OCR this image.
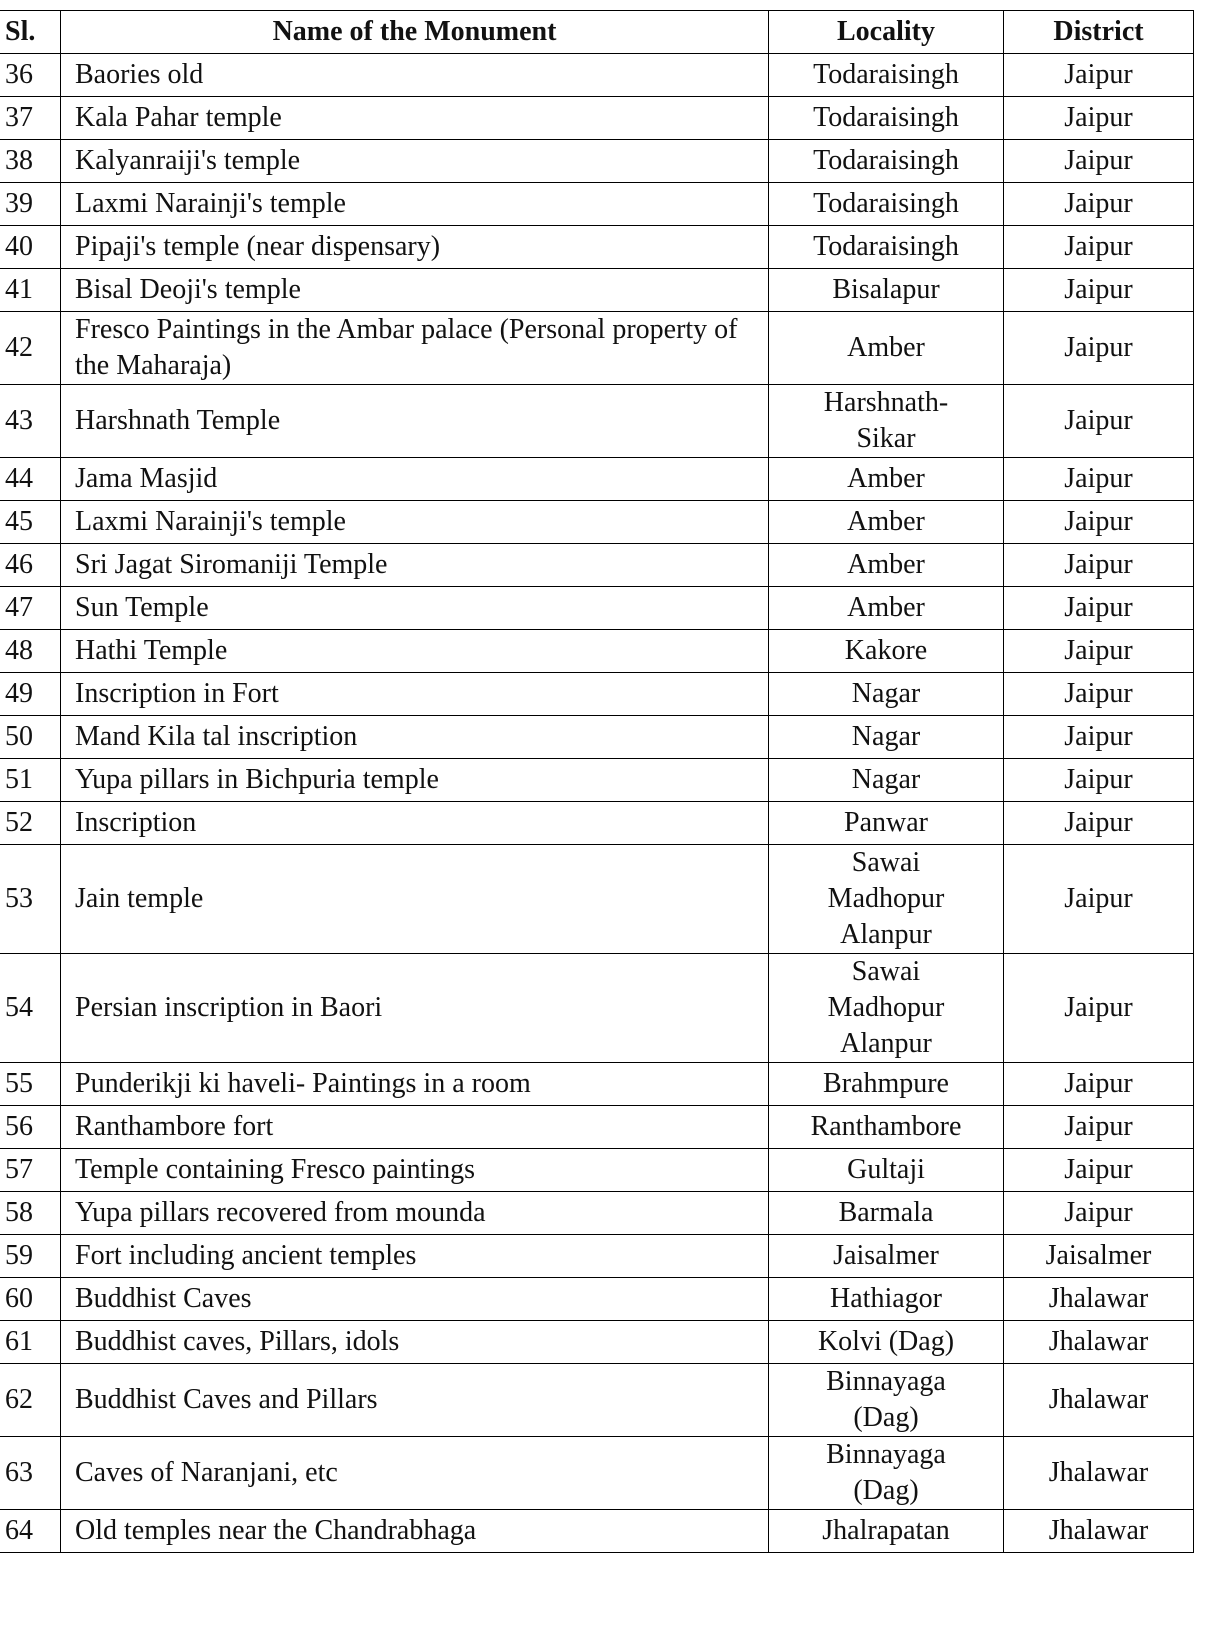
Sl.	Name of the Monument	Locality	District
36	Baories old	Todaraisingh	Jaipur
37	Kala Pahar temple	Todaraisingh	Jaipur
38	Kalyanraiji's temple	Todaraisingh	Jaipur
39	Laxmi Narainji's temple	Todaraisingh	Jaipur
40	Pipaji's temple (near dispensary)	Todaraisingh	Jaipur
41	Bisal Deoji's temple	Bisalapur	Jaipur
42	Fresco Paintings in the Ambar palace (Personal property of the Maharaja)	Amber	Jaipur
43	Harshnath Temple	Harshnath-Sikar	Jaipur
44	Jama Masjid	Amber	Jaipur
45	Laxmi Narainji's temple	Amber	Jaipur
46	Sri Jagat Siromaniji Temple	Amber	Jaipur
47	Sun Temple	Amber	Jaipur
48	Hathi Temple	Kakore	Jaipur
49	Inscription in Fort	Nagar	Jaipur
50	Mand Kila tal inscription	Nagar	Jaipur
51	Yupa pillars in Bichpuria temple	Nagar	Jaipur
52	Inscription	Panwar	Jaipur
53	Jain temple	Sawai Madhopur Alanpur	Jaipur
54	Persian inscription in Baori	Sawai Madhopur Alanpur	Jaipur
55	Punderikji ki haveli- Paintings in a room	Brahmpure	Jaipur
56	Ranthambore fort	Ranthambore	Jaipur
57	Temple containing Fresco paintings	Gultaji	Jaipur
58	Yupa pillars recovered from mounda	Barmala	Jaipur
59	Fort including ancient temples	Jaisalmer	Jaisalmer
60	Buddhist Caves	Hathiagor	Jhalawar
61	Buddhist caves, Pillars, idols	Kolvi (Dag)	Jhalawar
62	Buddhist Caves and Pillars	Binnayaga (Dag)	Jhalawar
63	Caves of Naranjani, etc	Binnayaga (Dag)	Jhalawar
64	Old temples near the Chandrabhaga	Jhalrapatan	Jhalawar
